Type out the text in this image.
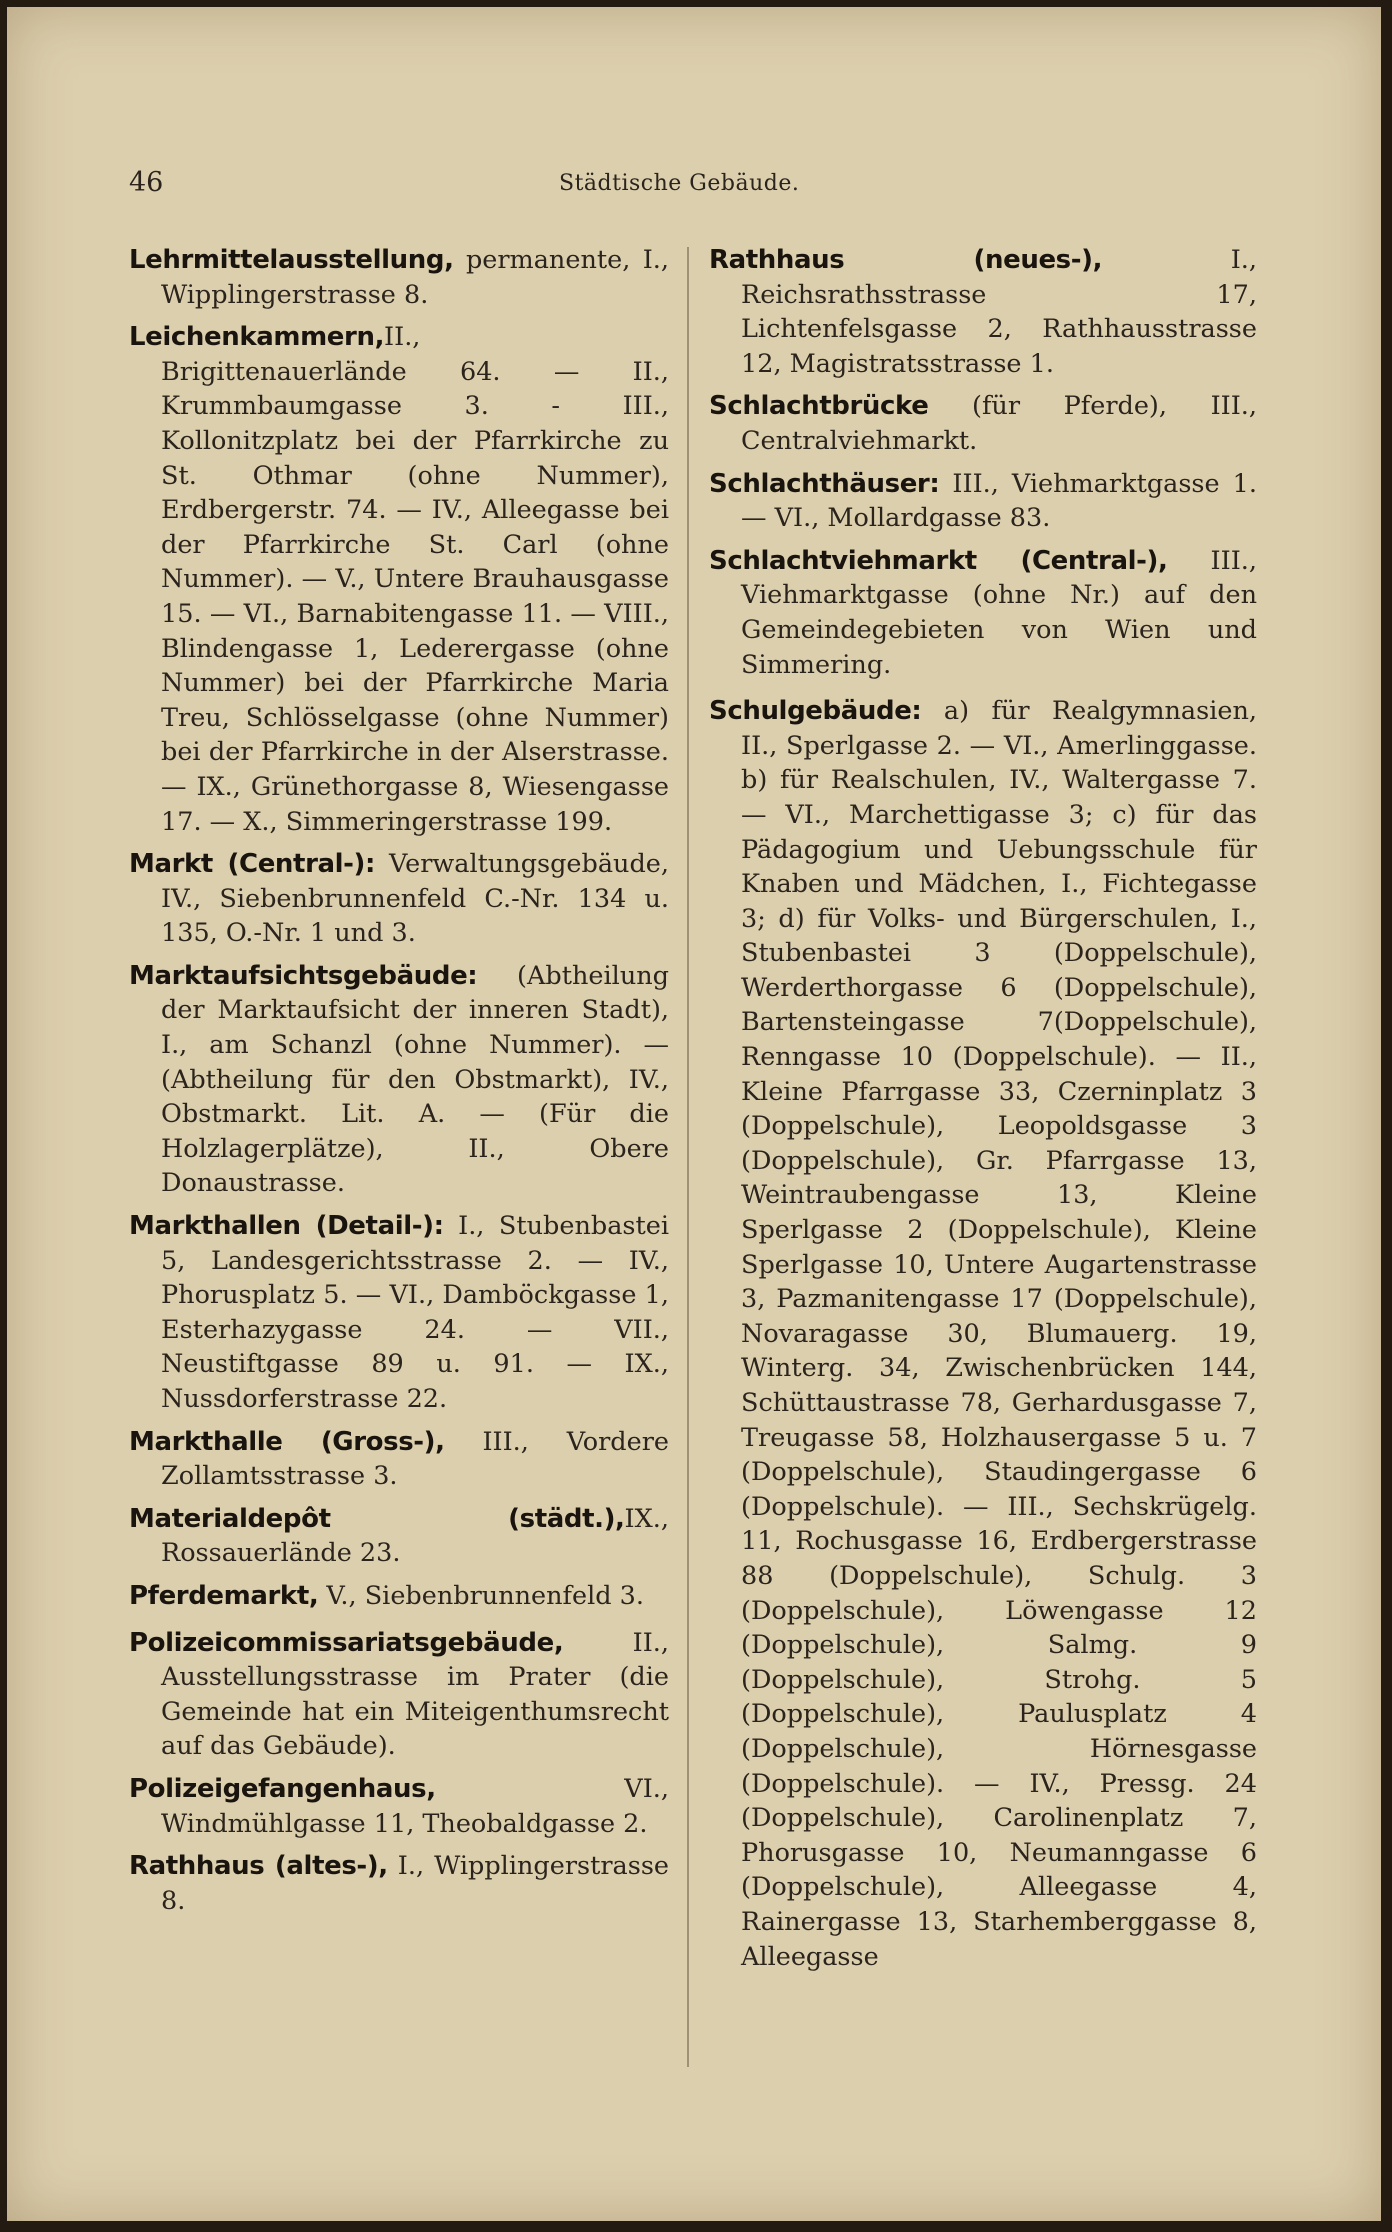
46	Städtische Gebäude.

Lehrmittelausstellung, permanente, I., Wipplingerstrasse 8.

Leichenkammern,II., Brigittenauerlände 64. — II., Krummbaumgasse 3. - III., Kollonitzplatz bei der Pfarrkirche zu St. Othmar (ohne Nummer), Erdbergerstr. 74. — IV., Alleegasse bei der Pfarrkirche St. Carl (ohne Nummer). — V., Untere Brauhausgasse 15. — VI., Barnabitengasse 11. — VIII., Blindengasse 1, Lederergasse (ohne Nummer) bei der Pfarrkirche Maria Treu, Schlösselgasse (ohne Nummer) bei der Pfarrkirche in der Alserstrasse. — IX., Grünethorgasse 8, Wiesengasse 17. — X., Simmeringerstrasse 199.

Markt (Central-): Verwaltungsgebäude, IV., Siebenbrunnenfeld C.-Nr. 134 u. 135, O.-Nr. 1 und 3.

Marktaufsichtsgebäude: (Abtheilung der Marktaufsicht der inneren Stadt), I., am Schanzl (ohne Nummer). — (Abtheilung für den Obstmarkt), IV., Obstmarkt. Lit. A. — (Für die Holzlagerplätze), II., Obere Donaustrasse.

Markthallen (Detail-): I., Stubenbastei 5, Landesgerichtsstrasse 2. — IV., Phorusplatz 5. — VI., Damböckgasse 1, Esterhazygasse 24. — VII., Neustiftgasse 89 u. 91. — IX., Nussdorferstrasse 22.

Markthalle (Gross-), III., Vordere Zollamtsstrasse 3.

Materialdepôt (städt.),IX., Rossauerlände 23.

Pferdemarkt, V., Siebenbrunnenfeld 3.

Polizeicommissariatsgebäude, II., Ausstellungsstrasse im Prater (die Gemeinde hat ein Miteigenthumsrecht auf das Gebäude).

Polizeigefangenhaus, VI., Windmühlgasse 11, Theobaldgasse 2.

Rathhaus (altes-), I., Wipplingerstrasse 8.

Rathhaus (neues-), I., Reichsrathsstrasse 17, Lichtenfelsgasse 2, Rathhausstrasse 12, Magistratsstrasse 1.

Schlachtbrücke (für Pferde), III., Centralviehmarkt.

Schlachthäuser: III., Viehmarktgasse 1. — VI., Mollardgasse 83.

Schlachtviehmarkt (Central-), III., Viehmarktgasse (ohne Nr.) auf den Gemeindegebieten von Wien und Simmering.

Schulgebäude: a) für Realgymnasien, II., Sperlgasse 2. — VI., Amerlinggasse. b) für Realschulen, IV., Waltergasse 7. — VI., Marchettigasse 3; c) für das Pädagogium und Uebungsschule für Knaben und Mädchen, I., Fichtegasse 3; d) für Volks- und Bürgerschulen, I., Stubenbastei 3 (Doppelschule), Werderthorgasse 6 (Doppelschule), Bartensteingasse 7(Doppelschule), Renngasse 10 (Doppelschule). — II., Kleine Pfarrgasse 33, Czerninplatz 3 (Doppelschule), Leopoldsgasse 3 (Doppelschule), Gr. Pfarrgasse 13, Weintraubengasse 13, Kleine Sperlgasse 2 (Doppelschule), Kleine Sperlgasse 10, Untere Augartenstrasse 3, Pazmanitengasse 17 (Doppelschule), Novaragasse 30, Blumauerg. 19, Winterg. 34, Zwischenbrücken 144, Schüttaustrasse 78, Gerhardusgasse 7, Treugasse 58, Holzhausergasse 5 u. 7 (Doppelschule), Staudingergasse 6 (Doppelschule). — III., Sechskrügelg. 11, Rochusgasse 16, Erdbergerstrasse 88 (Doppelschule), Schulg. 3 (Doppelschule), Löwengasse 12 (Doppelschule), Salmg. 9 (Doppelschule), Strohg. 5 (Doppelschule), Paulusplatz 4 (Doppelschule), Hörnesgasse (Doppelschule). — IV., Pressg. 24 (Doppelschule), Carolinenplatz 7, Phorusgasse 10, Neumanngasse 6 (Doppelschule), Alleegasse 4, Rainergasse 13, Starhemberggasse 8, Alleegasse
